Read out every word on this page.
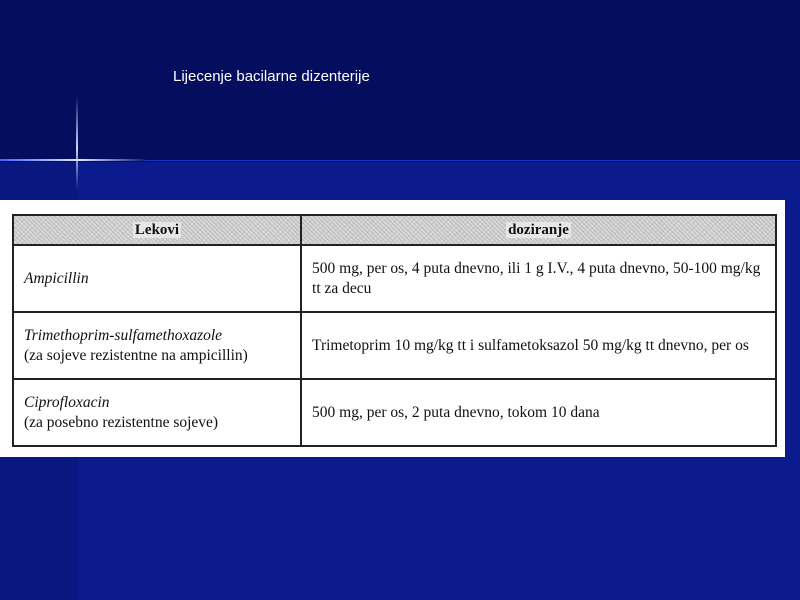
Lijecenje bacilarne dizenterije
Lekovi	doziranje

Ampicillin	500 mg, per os, 4 puta dnevno, ili 1 g I.V., 4 puta dnevno, 50-100 mg/kg tt za decu

Trimethoprim-sulfamethoxazole
(za sojeve rezistentne na ampicillin)	Trimetoprim 10 mg/kg tt i sulfametoksazol 50 mg/kg tt dnevno, per os

Ciprofloxacin
(za posebno rezistentne sojeve)	500 mg, per os, 2 puta dnevno, tokom 10 dana
